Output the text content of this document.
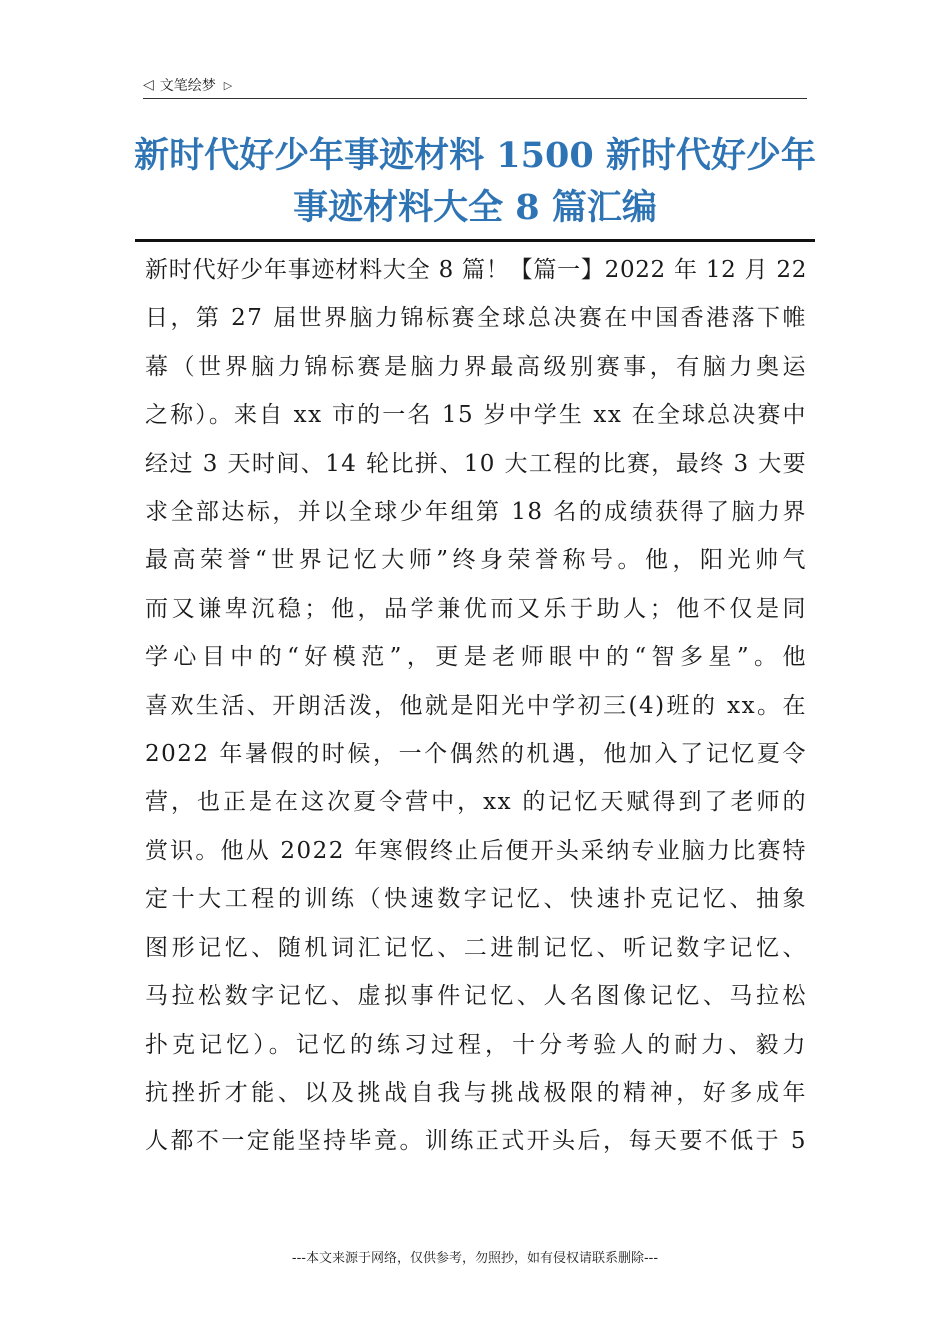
◁ 文笔绘梦 ▷
新时代好少年事迹材料 1500 新时代好少年
事迹材料大全 8 篇汇编
新时代好少年事迹材料大全 8 篇！【篇一】2022 年 12 月 22
日，第 27 届世界脑力锦标赛全球总决赛在中国香港落下帷
幕（世界脑力锦标赛是脑力界最高级别赛事，有脑力奥运
之称）。来自 xx 市的一名 15 岁中学生 xx 在全球总决赛中
经过 3 天时间、14 轮比拼、10 大工程的比赛，最终 3 大要
求全部达标，并以全球少年组第 18 名的成绩获得了脑力界
最高荣誉“世界记忆大师”终身荣誉称号。他，阳光帅气
而又谦卑沉稳；他，品学兼优而又乐于助人；他不仅是同
学心目中的“好模范”，更是老师眼中的“智多星”。他
喜欢生活、开朗活泼，他就是阳光中学初三(4)班的 xx。在
2022 年暑假的时候，一个偶然的机遇，他加入了记忆夏令
营，也正是在这次夏令营中，xx 的记忆天赋得到了老师的
赏识。他从 2022 年寒假终止后便开头采纳专业脑力比赛特
定十大工程的训练（快速数字记忆、快速扑克记忆、抽象
图形记忆、随机词汇记忆、二进制记忆、听记数字记忆、
马拉松数字记忆、虚拟事件记忆、人名图像记忆、马拉松
扑克记忆）。记忆的练习过程，十分考验人的耐力、毅力
抗挫折才能、以及挑战自我与挑战极限的精神，好多成年
人都不一定能坚持毕竟。训练正式开头后，每天要不低于 5
---本文来源于网络，仅供参考，勿照抄，如有侵权请联系删除---
